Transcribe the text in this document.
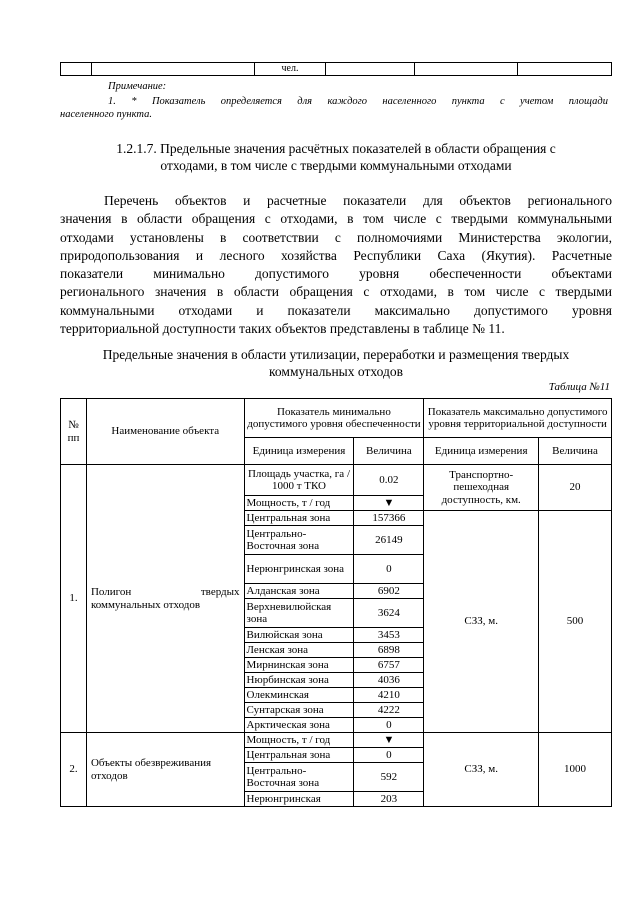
		чел.			
Примечание:
1. * Показатель определяется для каждого населенного пункта с учетом площади
населенного пункта.
1.2.1.7. Предельные значения расчётных показателей в области обращения с
отходами, в том числе с твердыми коммунальными отходами
Перечень объектов и расчетные показатели для объектов регионального
значения в области обращения с отходами, в том числе с твердыми коммунальными
отходами установлены в соответствии с полномочиями Министерства экологии,
природопользования и лесного хозяйства Республики Саха (Якутия). Расчетные
показатели минимально допустимого уровня обеспеченности объектами
регионального значения в области обращения с отходами, в том числе с твердыми
коммунальными отходами и показатели максимально допустимого уровня
территориальной доступности таких объектов представлены в таблице № 11.
Предельные значения в области утилизации, переработки и размещения твердых
коммунальных отходов
Таблица №11
№ пп	Наименование объекта	Показатель минимально допустимого уровня обеспеченности		Показатель максимально допустимого уровня территориальной доступности	
		Единица измерения	Величина	Единица измерения	Величина
1.	Полигон твердых коммунальных отходов	Площадь участка, га / 1000 т ТКО	0.02	Транспортно-пешеходная доступность, км.	20
		Мощность, т / год	▼		
		Центральная зона	157366	СЗЗ, м.	500
		Центрально-Восточная зона	26149		
		Нерюнгринская зона	0		
		Алданская зона	6902		
		Верхневилюйская зона	3624		
		Вилюйская зона	3453		
		Ленская зона	6898		
		Мирнинская зона	6757		
		Нюрбинская зона	4036		
		Олекминская	4210		
		Сунтарская зона	4222		
		Арктическая зона	0		
2.	Объекты обезвреживания отходов	Мощность, т / год	▼	СЗЗ, м.	1000
		Центральная зона	0		
		Центрально-Восточная зона	592		
		Нерюнгринская	203		
